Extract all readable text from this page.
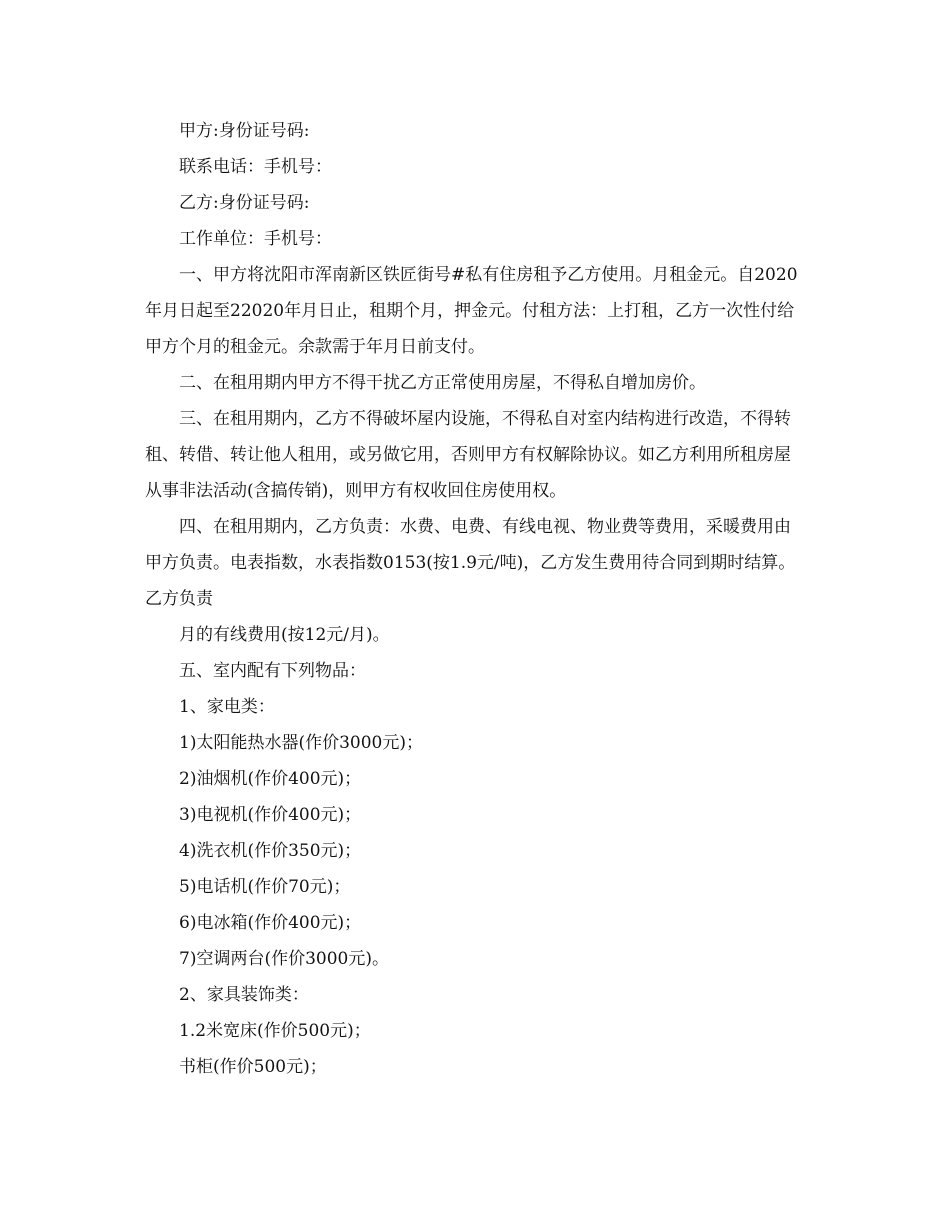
甲方:身份证号码:

联系电话：手机号：

乙方:身份证号码:

工作单位：手机号：

一、甲方将沈阳市浑南新区铁匠街号#私有住房租予乙方使用。月租金元。自2020年月日起至22020年月日止，租期个月，押金元。付租方法：上打租，乙方一次性付给甲方个月的租金元。余款需于年月日前支付。

二、在租用期内甲方不得干扰乙方正常使用房屋，不得私自增加房价。

三、在租用期内，乙方不得破坏屋内设施，不得私自对室内结构进行改造，不得转租、转借、转让他人租用，或另做它用，否则甲方有权解除协议。如乙方利用所租房屋从事非法活动(含搞传销)，则甲方有权收回住房使用权。

四、在租用期内，乙方负责：水费、电费、有线电视、物业费等费用，采暖费用由甲方负责。电表指数，水表指数0153(按1.9元/吨)，乙方发生费用待合同到期时结算。乙方负责

月的有线费用(按12元/月)。

五、室内配有下列物品：

1、家电类：

1)太阳能热水器(作价3000元)；

2)油烟机(作价400元)；

3)电视机(作价400元)；

4)洗衣机(作价350元)；

5)电话机(作价70元)；

6)电冰箱(作价400元)；

7)空调两台(作价3000元)。

2、家具装饰类：

1.2米宽床(作价500元)；

书柜(作价500元)；
